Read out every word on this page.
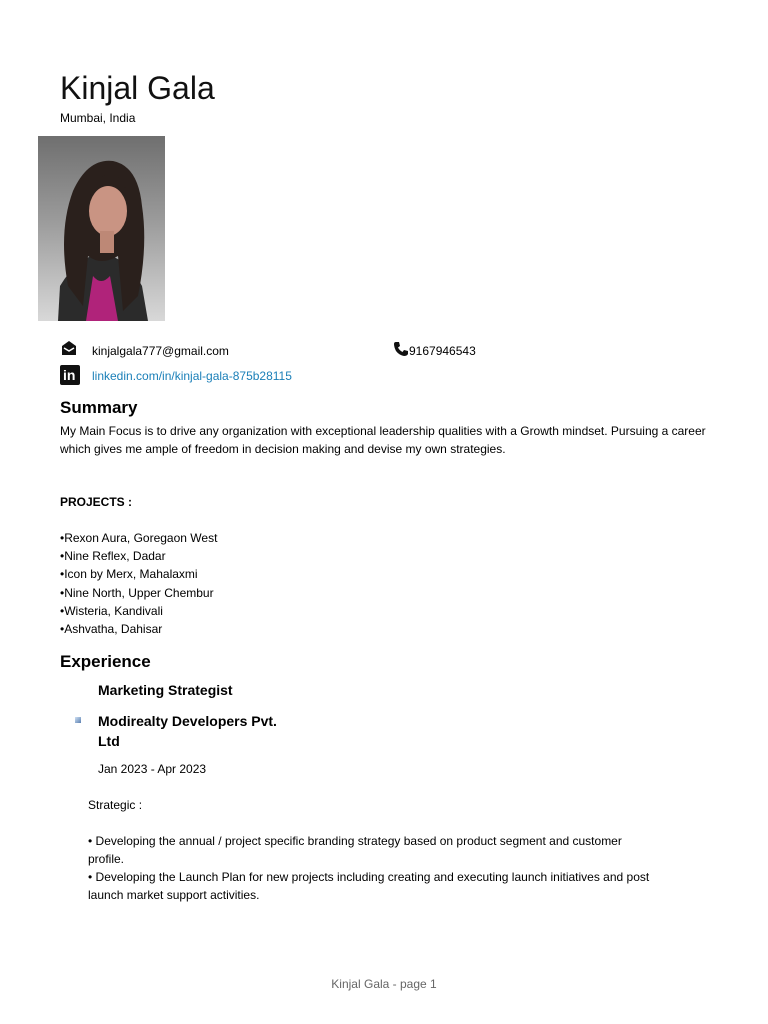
Kinjal Gala
Mumbai, India
kinjalgala777@gmail.com	9167946543
in linkedin.com/in/kinjal-gala-875b28115
Summary
My Main Focus is to drive any organization with exceptional leadership qualities with a Growth mindset. Pursuing a career which gives me ample of freedom in decision making and devise my own strategies.
PROJECTS :
•Rexon Aura, Goregaon West
•Nine Reflex, Dadar
•Icon by Merx, Mahalaxmi
•Nine North, Upper Chembur
•Wisteria, Kandivali
•Ashvatha, Dahisar
Experience
Marketing Strategist
Modirealty Developers Pvt. Ltd
Jan 2023 - Apr 2023
Strategic :
• Developing the annual / project specific branding strategy based on product segment and customer profile.
• Developing the Launch Plan for new projects including creating and executing launch initiatives and post launch market support activities.
Kinjal Gala - page 1
